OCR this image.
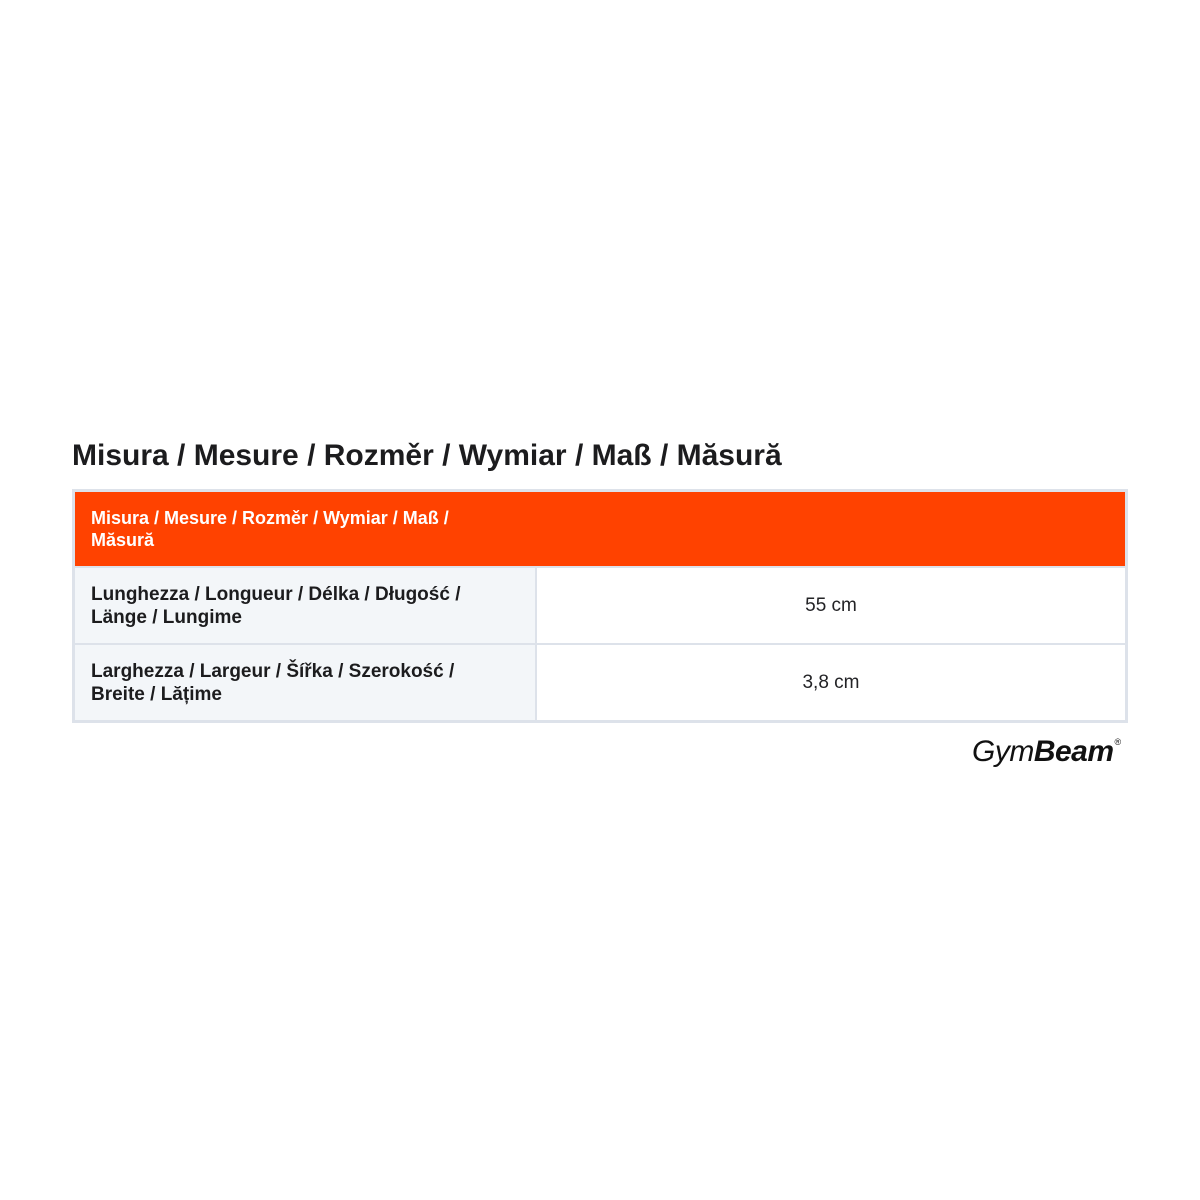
Misura / Mesure / Rozměr / Wymiar / Maß / Măsură
Misura / Mesure / Rozměr / Wymiar / Maß / Măsură	

Lunghezza / Longueur / Délka / Długość / Länge / Lungime	55 cm

Larghezza / Largeur / Šířka / Szerokość / Breite / Lățime	3,8 cm
GymBeam®
